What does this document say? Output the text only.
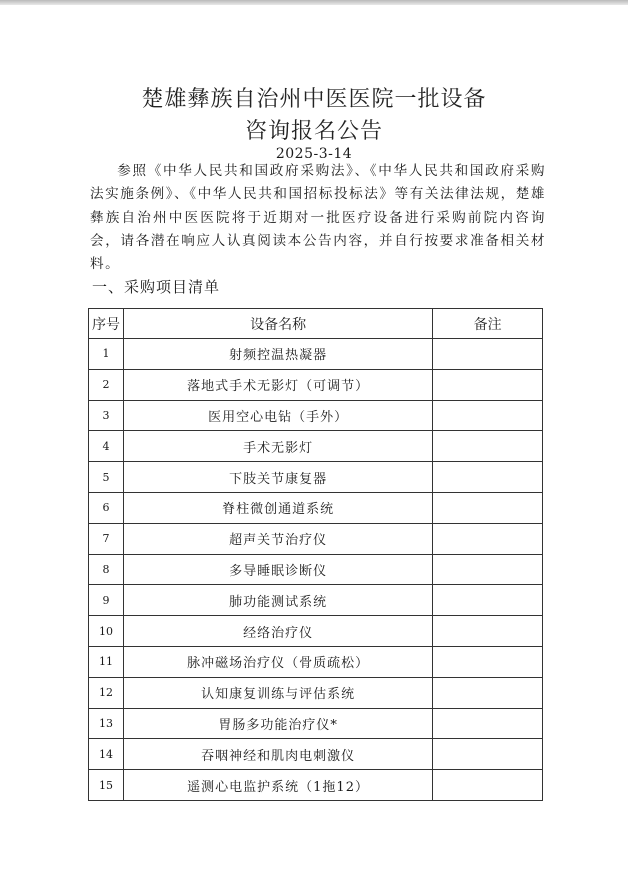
楚雄彝族自治州中医医院一批设备
咨询报名公告
2025-3-14

参照《中华人民共和国政府采购法》、《中华人民共和国政府采购法实施条例》、《中华人民共和国招标投标法》等有关法律法规，楚雄彝族自治州中医医院将于近期对一批医疗设备进行采购前院内咨询会，请各潜在响应人认真阅读本公告内容，并自行按要求准备相关材料。

一、采购项目清单
序号	设备名称	备注
1	射频控温热凝器	
2	落地式手术无影灯（可调节）	
3	医用空心电钻（手外）	
4	手术无影灯	
5	下肢关节康复器	
6	脊柱微创通道系统	
7	超声关节治疗仪	
8	多导睡眠诊断仪	
9	肺功能测试系统	
10	经络治疗仪	
11	脉冲磁场治疗仪（骨质疏松）	
12	认知康复训练与评估系统	
13	胃肠多功能治疗仪*	
14	吞咽神经和肌肉电刺激仪	
15	遥测心电监护系统（1拖12）	
